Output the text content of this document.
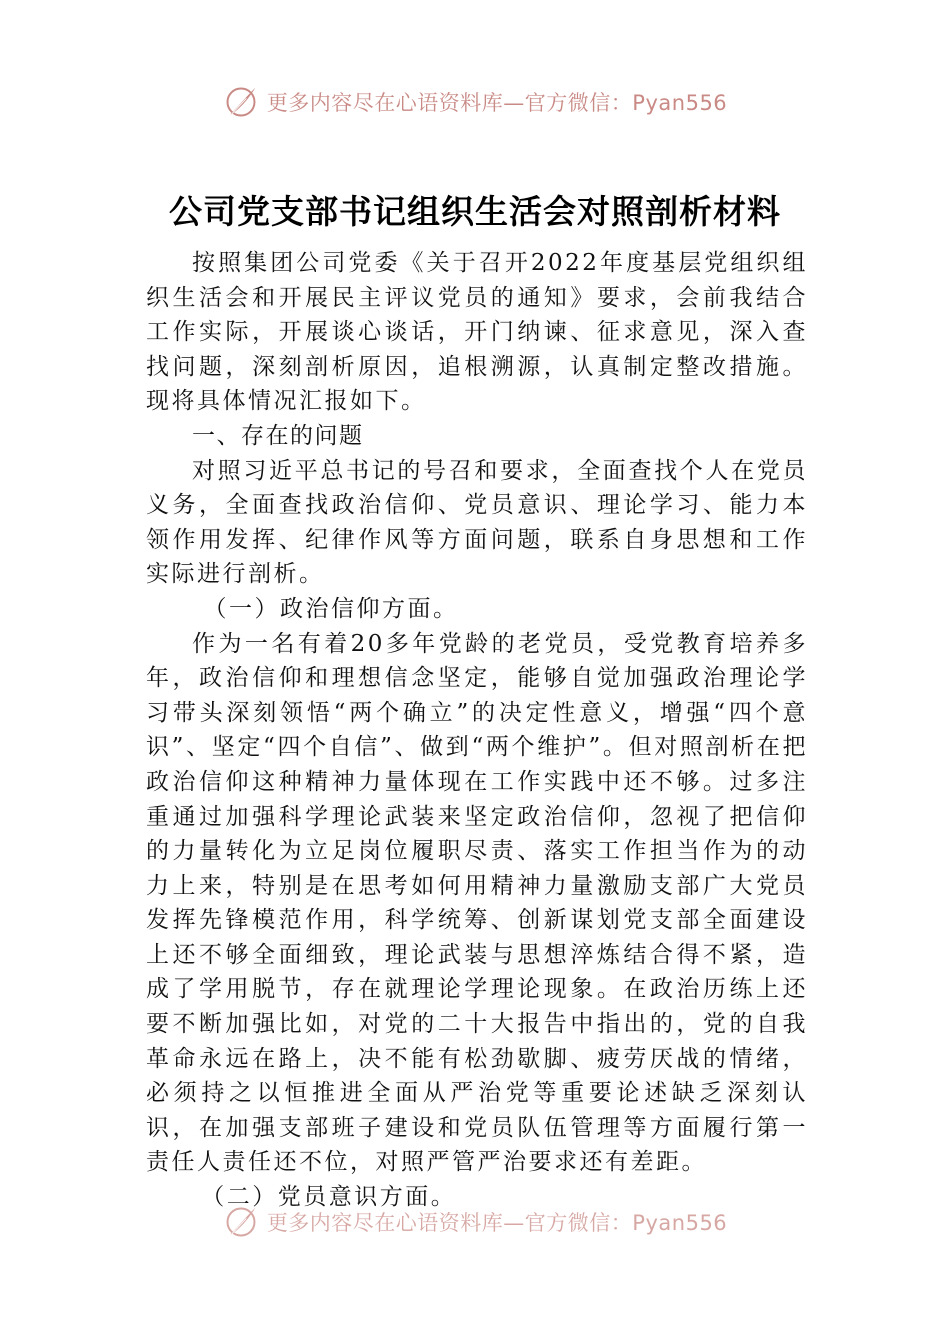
更多内容尽在心语资料库—官方微信：Pyan556
公司党支部书记组织生活会对照剖析材料

按照集团公司党委《关于召开2022年度基层党组织组织生活会和开展民主评议党员的通知》要求，会前我结合工作实际，开展谈心谈话，开门纳谏、征求意见，深入查找问题，深刻剖析原因，追根溯源，认真制定整改措施。现将具体情况汇报如下。

一、存在的问题

对照习近平总书记的号召和要求，全面查找个人在党员义务，全面查找政治信仰、党员意识、理论学习、能力本领作用发挥、纪律作风等方面问题，联系自身思想和工作实际进行剖析。

（一）政治信仰方面。

作为一名有着20多年党龄的老党员，受党教育培养多年，政治信仰和理想信念坚定，能够自觉加强政治理论学习带头深刻领悟“两个确立”的决定性意义，增强“四个意识”、坚定“四个自信”、做到“两个维护”。但对照剖析在把政治信仰这种精神力量体现在工作实践中还不够。过多注重通过加强科学理论武装来坚定政治信仰，忽视了把信仰的力量转化为立足岗位履职尽责、落实工作担当作为的动力上来，特别是在思考如何用精神力量激励支部广大党员发挥先锋模范作用，科学统筹、创新谋划党支部全面建设上还不够全面细致，理论武装与思想淬炼结合得不紧，造成了学用脱节，存在就理论学理论现象。在政治历练上还要不断加强比如，对党的二十大报告中指出的，党的自我革命永远在路上，决不能有松劲歇脚、疲劳厌战的情绪，必须持之以恒推进全面从严治党等重要论述缺乏深刻认识，在加强支部班子建设和党员队伍管理等方面履行第一责任人责任还不位，对照严管严治要求还有差距。

（二）党员意识方面。

更多内容尽在心语资料库—官方微信：Pyan556
